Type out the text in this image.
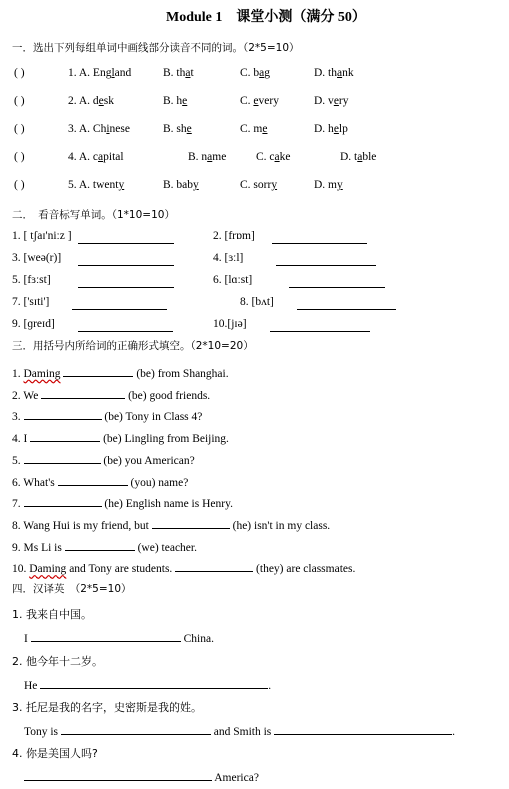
Module 1　课堂小测（满分 50）
一．选出下列每组单词中画线部分读音不同的词。（2*5=10）
( )	1. A. England	B. that	C. bag	D. thank
( )	2. A. desk	B. he	C. every	D. very
( )	3. A. Chinese	B. she	C. me	D. help
( )	4. A. capital	B. name	C. cake	D. table
( )	5. A. twenty	B. baby	C. sorry	D. my
二．　看音标写单词。（1*10=10）
1. [ tʃaɪ'niːz ]	2. [frɒm]
3. [weə(r)]	4. [ɜːl]
5. [fɜːst]	6. [lɑːst]
7. ['sɪti']	8. [bʌt]
9. [ɡreɪd]	10.[jɪə]
三．用括号内所给词的正确形式填空。（2*10=20）
1. Daming	(be) from Shanghai.
2. We	(be) good friends.
3.	(be) Tony in Class 4?
4. I	(be) Lingling from Beijing.
5.	(be) you American?
6. What's	(you) name?
7.	(he) English name is Henry.
8. Wang Hui is my friend, but	(he) isn't in my class.
9. Ms Li is	(we) teacher.
10. Daming and Tony are students.	(they) are classmates.
四．汉译英　（2*5=10）
1. 我来自中国。
I	China.
2. 他今年十二岁。
He	.
3. 托尼是我的名字，史密斯是我的姓。
Tony is	and Smith is	.
4. 你是美国人吗?
America?
